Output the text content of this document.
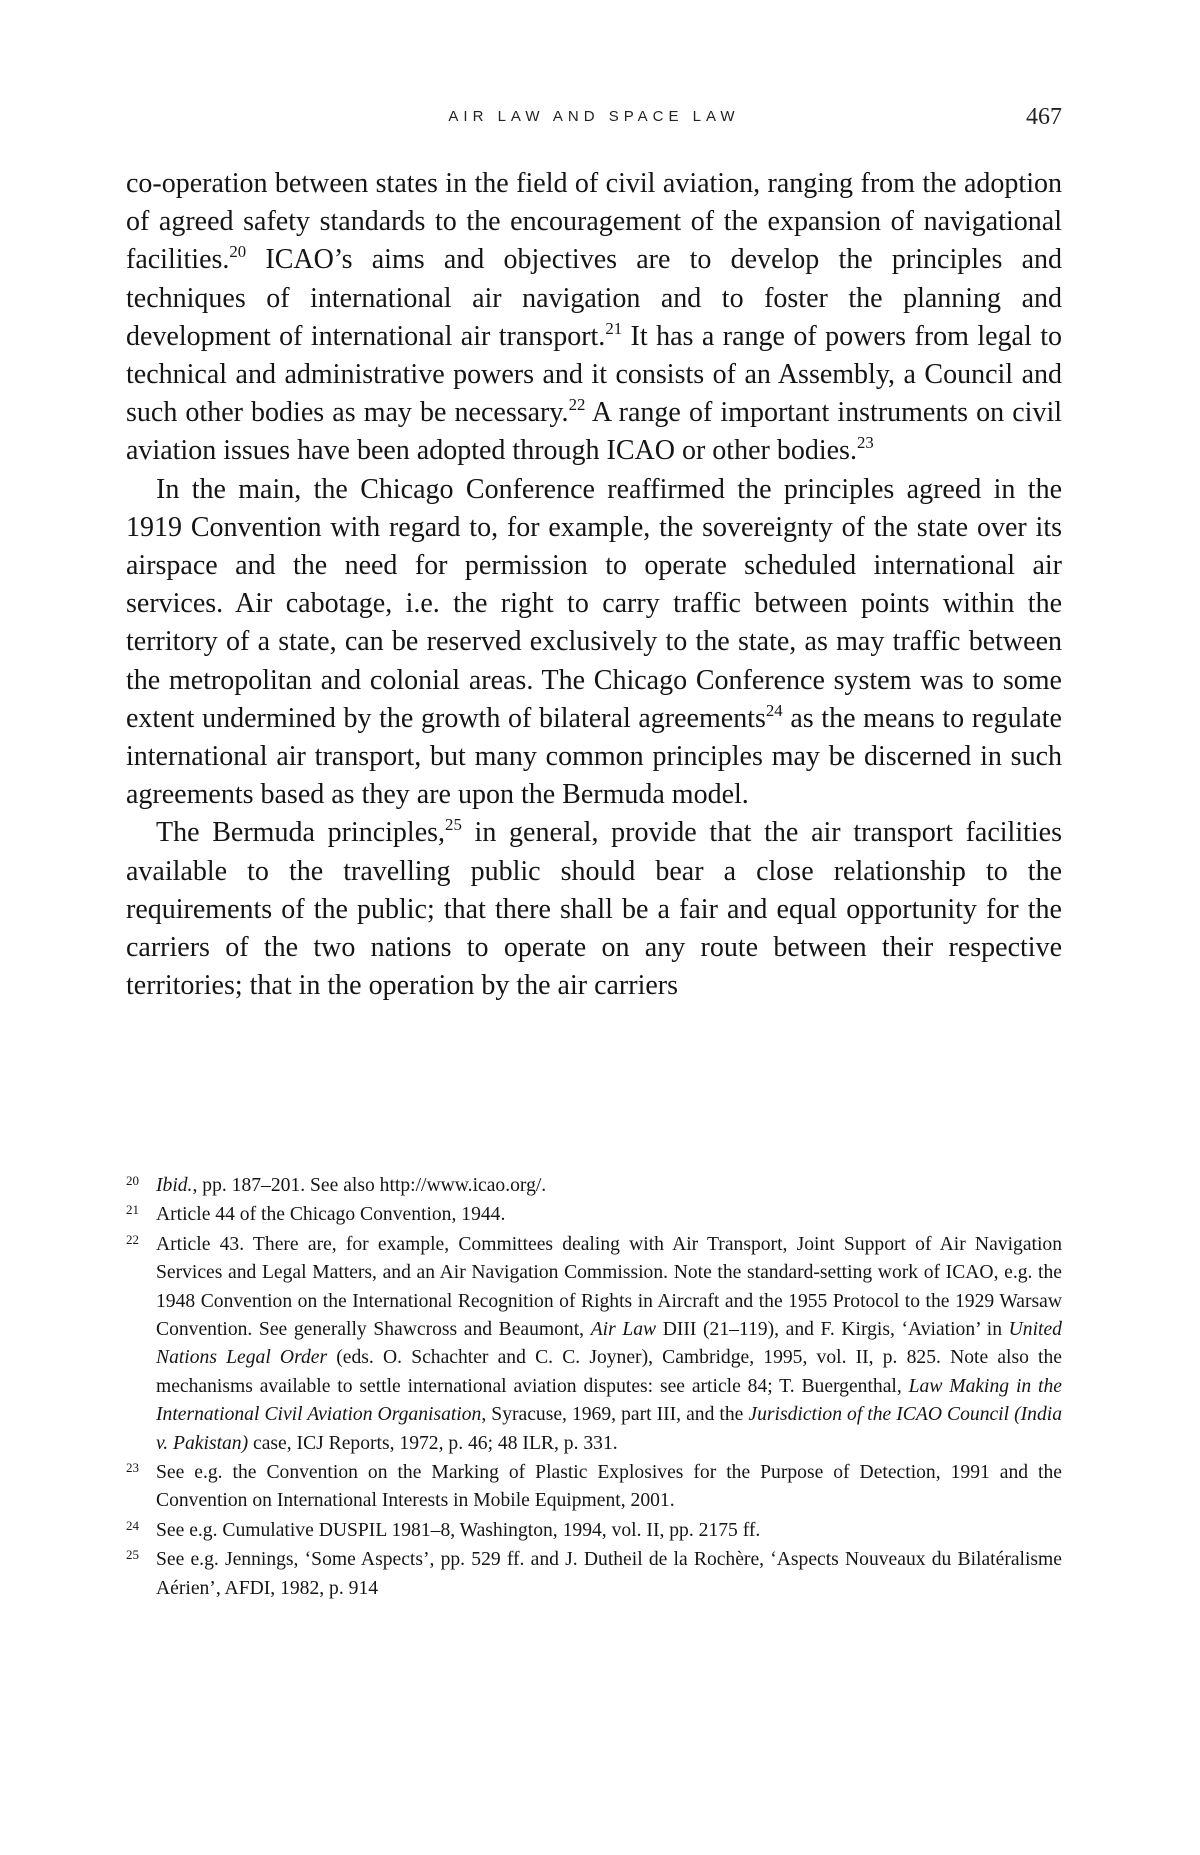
AIR LAW AND SPACE LAW	467

co-operation between states in the field of civil aviation, ranging from the adoption of agreed safety standards to the encouragement of the expansion of navigational facilities.$^{20}$ ICAO’s aims and objectives are to develop the principles and techniques of international air navigation and to foster the planning and development of international air transport.$^{21}$ It has a range of powers from legal to technical and administrative powers and it consists of an Assembly, a Council and such other bodies as may be necessary.$^{22}$ A range of important instruments on civil aviation issues have been adopted through ICAO or other bodies.$^{23}$

In the main, the Chicago Conference reaffirmed the principles agreed in the 1919 Convention with regard to, for example, the sovereignty of the state over its airspace and the need for permission to operate scheduled international air services. Air cabotage, i.e. the right to carry traffic between points within the territory of a state, can be reserved exclusively to the state, as may traffic between the metropolitan and colonial areas. The Chicago Conference system was to some extent undermined by the growth of bilateral agreements$^{24}$ as the means to regulate international air transport, but many common principles may be discerned in such agreements based as they are upon the Bermuda model.

The Bermuda principles,$^{25}$ in general, provide that the air transport facilities available to the travelling public should bear a close relationship to the requirements of the public; that there shall be a fair and equal opportunity for the carriers of the two nations to operate on any route between their respective territories; that in the operation by the air carriers

20 Ibid., pp. 187–201. See also http://www.icao.org/.
21 Article 44 of the Chicago Convention, 1944.
22 Article 43. There are, for example, Committees dealing with Air Transport, Joint Support of Air Navigation Services and Legal Matters, and an Air Navigation Commission. Note the standard-setting work of ICAO, e.g. the 1948 Convention on the International Recognition of Rights in Aircraft and the 1955 Protocol to the 1929 Warsaw Convention. See generally Shawcross and Beaumont, Air Law DIII (21–119), and F. Kirgis, ‘Aviation’ in United Nations Legal Order (eds. O. Schachter and C. C. Joyner), Cambridge, 1995, vol. II, p. 825. Note also the mechanisms available to settle international aviation disputes: see article 84; T. Buergenthal, Law Making in the International Civil Aviation Organisation, Syracuse, 1969, part III, and the Jurisdiction of the ICAO Council (India v. Pakistan) case, ICJ Reports, 1972, p. 46; 48 ILR, p. 331.
23 See e.g. the Convention on the Marking of Plastic Explosives for the Purpose of Detection, 1991 and the Convention on International Interests in Mobile Equipment, 2001.
24 See e.g. Cumulative DUSPIL 1981–8, Washington, 1994, vol. II, pp. 2175 ff.
25 See e.g. Jennings, ‘Some Aspects’, pp. 529 ff. and J. Dutheil de la Rochère, ‘Aspects Nouveaux du Bilatéralisme Aérien’, AFDI, 1982, p. 914
